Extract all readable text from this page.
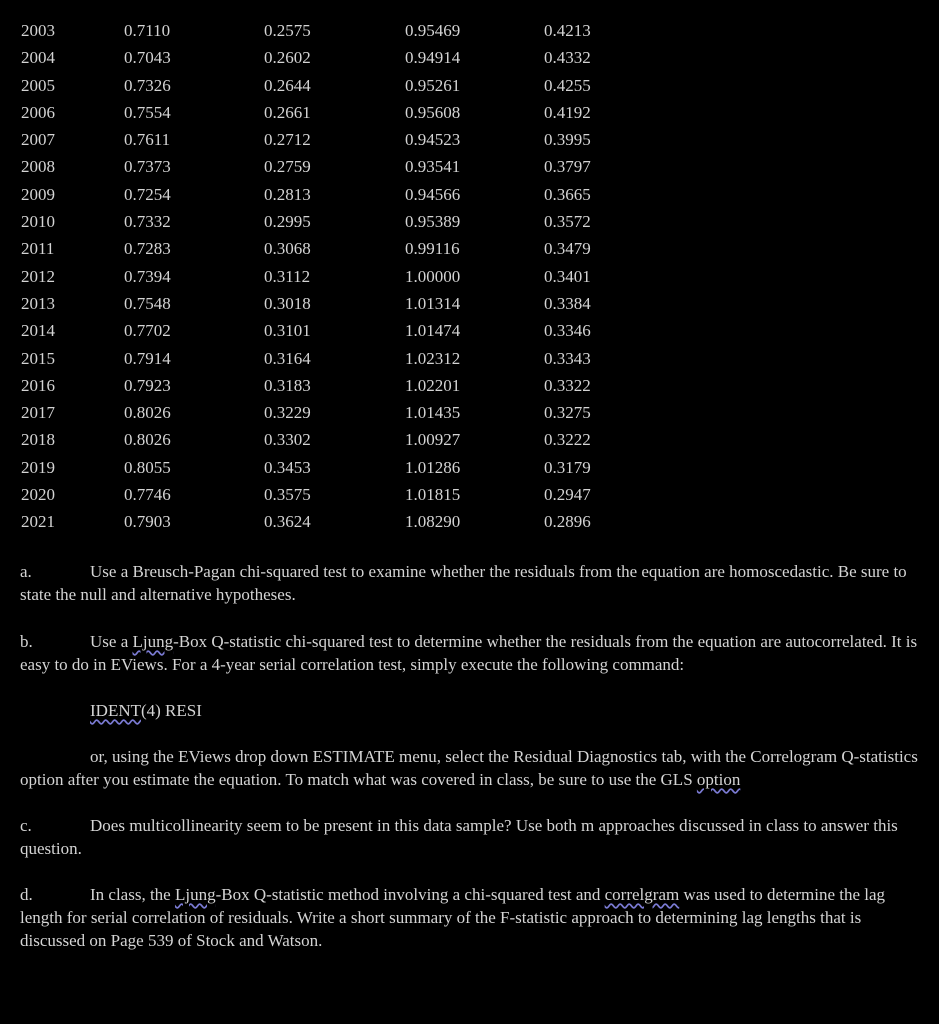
2003	0.7110	0.2575	0.95469	0.4213
2004	0.7043	0.2602	0.94914	0.4332
2005	0.7326	0.2644	0.95261	0.4255
2006	0.7554	0.2661	0.95608	0.4192
2007	0.7611	0.2712	0.94523	0.3995
2008	0.7373	0.2759	0.93541	0.3797
2009	0.7254	0.2813	0.94566	0.3665
2010	0.7332	0.2995	0.95389	0.3572
2011	0.7283	0.3068	0.99116	0.3479
2012	0.7394	0.3112	1.00000	0.3401
2013	0.7548	0.3018	1.01314	0.3384
2014	0.7702	0.3101	1.01474	0.3346
2015	0.7914	0.3164	1.02312	0.3343
2016	0.7923	0.3183	1.02201	0.3322
2017	0.8026	0.3229	1.01435	0.3275
2018	0.8026	0.3302	1.00927	0.3222
2019	0.8055	0.3453	1.01286	0.3179
2020	0.7746	0.3575	1.01815	0.2947
2021	0.7903	0.3624	1.08290	0.2896

a.	Use a Breusch-Pagan chi-squared test to examine whether the residuals from the equation are homoscedastic. Be sure to state the null and alternative hypotheses.

b.	Use a Ljung-Box Q-statistic chi-squared test to determine whether the residuals from the equation are autocorrelated. It is easy to do in EViews. For a 4-year serial correlation test, simply execute the following command:

IDENT(4) RESI

or, using the EViews drop down ESTIMATE menu, select the Residual Diagnostics tab, with the Correlogram Q-statistics option after you estimate the equation. To match what was covered in class, be sure to use the GLS option

c.	Does multicollinearity seem to be present in this data sample? Use both m approaches discussed in class to answer this question.

d.	In class, the Ljung-Box Q-statistic method involving a chi-squared test and correlgram was used to determine the lag length for serial correlation of residuals. Write a short summary of the F-statistic approach to determining lag lengths that is discussed on Page 539 of Stock and Watson.
